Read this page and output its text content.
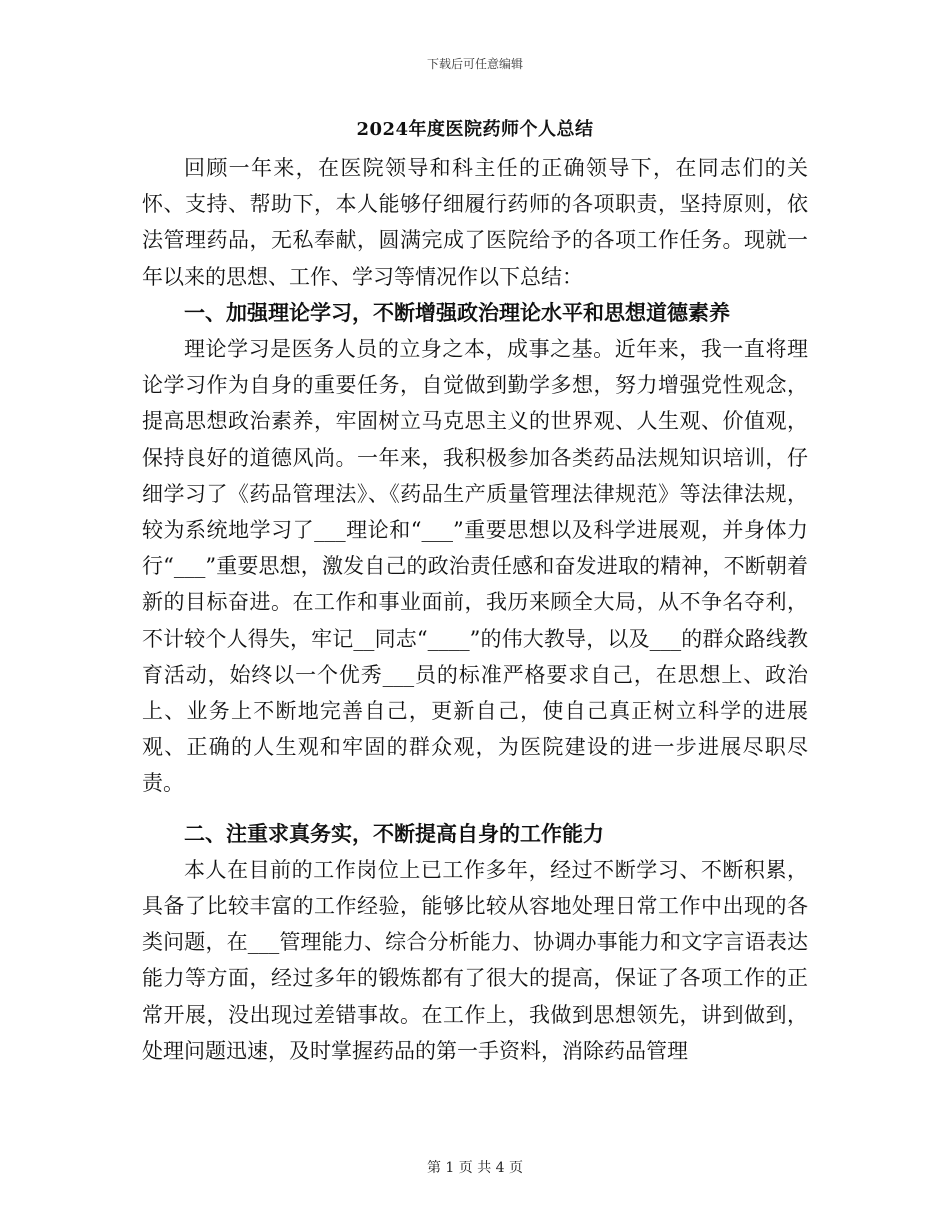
下载后可任意编辑
2024年度医院药师个人总结

回顾一年来，在医院领导和科主任的正确领导下，在同志们的关怀、支持、帮助下，本人能够仔细履行药师的各项职责，坚持原则，依法管理药品，无私奉献，圆满完成了医院给予的各项工作任务。现就一年以来的思想、工作、学习等情况作以下总结：

一、加强理论学习，不断增强政治理论水平和思想道德素养

理论学习是医务人员的立身之本，成事之基。近年来，我一直将理论学习作为自身的重要任务，自觉做到勤学多想，努力增强党性观念，提高思想政治素养，牢固树立马克思主义的世界观、人生观、价值观，保持良好的道德风尚。一年来，我积极参加各类药品法规知识培训，仔细学习了《药品管理法》、《药品生产质量管理法律规范》等法律法规，较为系统地学习了___理论和“___”重要思想以及科学进展观，并身体力行“___”重要思想，激发自己的政治责任感和奋发进取的精神，不断朝着新的目标奋进。在工作和事业面前，我历来顾全大局，从不争名夺利，不计较个人得失，牢记__同志“____”的伟大教导，以及___的群众路线教育活动，始终以一个优秀___员的标准严格要求自己，在思想上、政治上、业务上不断地完善自己，更新自己，使自己真正树立科学的进展观、正确的人生观和牢固的群众观，为医院建设的进一步进展尽职尽责。

二、注重求真务实，不断提高自身的工作能力

本人在目前的工作岗位上已工作多年，经过不断学习、不断积累，具备了比较丰富的工作经验，能够比较从容地处理日常工作中出现的各类问题，在___管理能力、综合分析能力、协调办事能力和文字言语表达能力等方面，经过多年的锻炼都有了很大的提高，保证了各项工作的正常开展，没出现过差错事故。在工作上，我做到思想领先，讲到做到，处理问题迅速，及时掌握药品的第一手资料，消除药品管理

第 1 页 共 4 页
